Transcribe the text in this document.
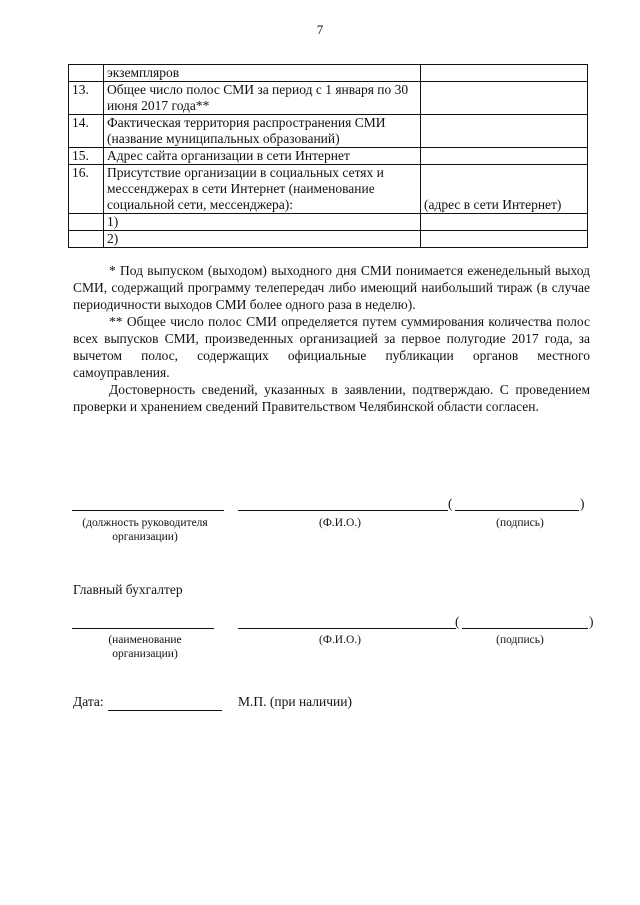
7
	экземпляров	
13.	Общее число полос СМИ за период с 1 января по 30 июня 2017 года**	
14.	Фактическая территория распространения СМИ (название муниципальных образований)	
15.	Адрес сайта организации в сети Интернет	
16.	Присутствие организации в социальных сетях и мессенджерах в сети Интернет (наименование социальной сети, мессенджера):	(адрес в сети Интернет)
	1)	
	2)	

* Под выпуском (выходом) выходного дня СМИ понимается еженедельный выход СМИ, содержащий программу телепередач либо имеющий наибольший тираж (в случае периодичности выходов СМИ более одного раза в неделю).

** Общее число полос СМИ определяется путем суммирования количества полос всех выпусков СМИ, произведенных организацией за первое полугодие 2017 года, за вычетом полос, содержащих официальные публикации органов местного самоуправления.

Достоверность сведений, указанных в заявлении, подтверждаю. С проведением проверки и хранением сведений Правительством Челябинской области согласен.

(	)
(должность руководителя организации)
(Ф.И.О.)	(подпись)
Главный бухгалтер
(	)
(наименование организации)
(Ф.И.О.)	(подпись)
Дата:	М.П. (при наличии)
